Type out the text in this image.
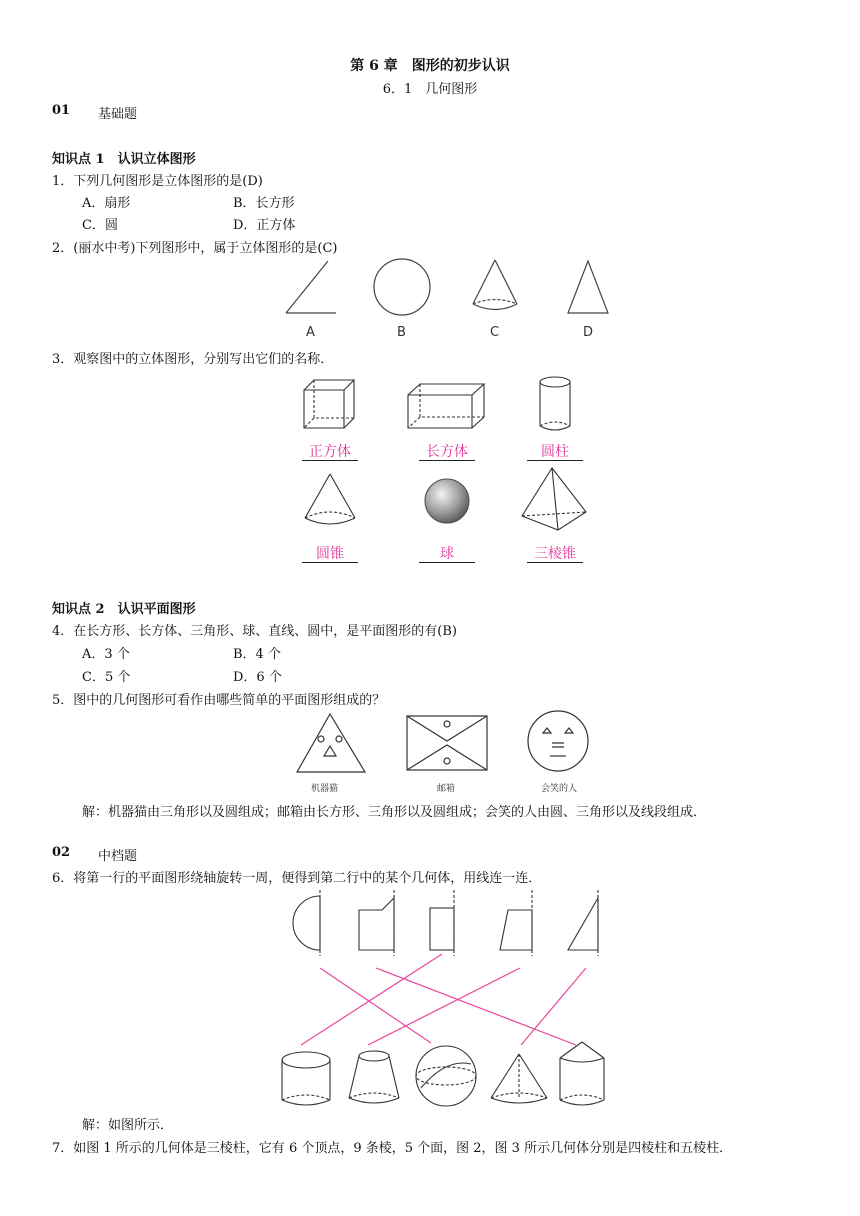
第 6 章　图形的初步认识
6．1　几何图形
01 基础题
知识点 1　认识立体图形
1．下列几何图形是立体图形的是(D)
A．扇形	B．长方形
C．圆	D．正方体
2．(丽水中考)下列图形中，属于立体图形的是(C)
A	B	C	D
3．观察图中的立体图形，分别写出它们的名称．
正方体	长方体	圆柱
圆锥	球	三棱锥
知识点 2　认识平面图形
4．在长方形、长方体、三角形、球、直线、圆中，是平面图形的有(B)
A．3 个	B．4 个
C．5 个	D．6 个
5．图中的几何图形可看作由哪些简单的平面图形组成的？
机器猫	邮箱	会笑的人
解：机器猫由三角形以及圆组成；邮箱由长方形、三角形以及圆组成；会笑的人由圆、三角形以及线段组成．
02 中档题
6．将第一行的平面图形绕轴旋转一周，便得到第二行中的某个几何体，用线连一连．
解：如图所示．
7．如图 1 所示的几何体是三棱柱，它有 6 个顶点，9 条棱，5 个面，图 2，图 3 所示几何体分别是四棱柱和五棱柱．
